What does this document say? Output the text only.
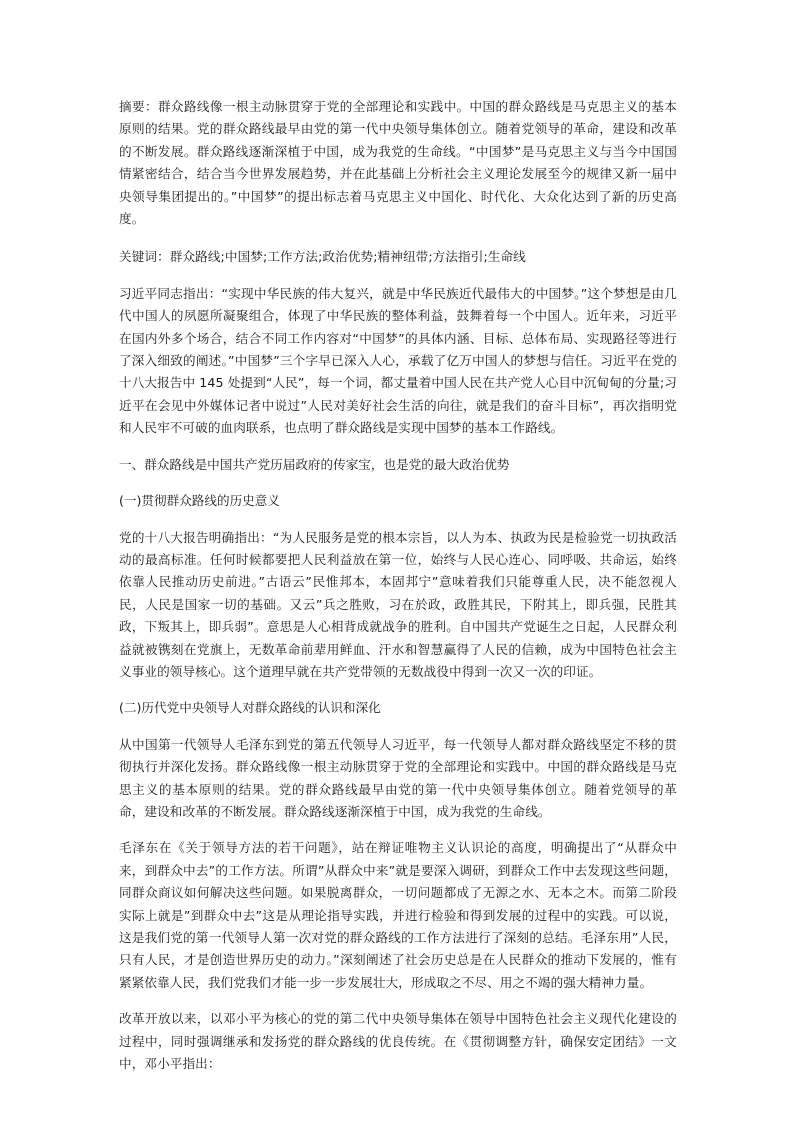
摘要：群众路线像一根主动脉贯穿于党的全部理论和实践中。中国的群众路线是马克思主义的基本原则的结果。党的群众路线最早由党的第一代中央领导集体创立。随着党领导的革命，建设和改革的不断发展。群众路线逐渐深植于中国，成为我党的生命线。“中国梦”是马克思主义与当今中国国情紧密结合，结合当今世界发展趋势，并在此基础上分析社会主义理论发展至今的规律又新一届中央领导集团提出的。”中国梦”的提出标志着马克思主义中国化、时代化、大众化达到了新的历史高度。

关键词：群众路线;中国梦;工作方法;政治优势;精神纽带;方法指引;生命线

习近平同志指出：“实现中华民族的伟大复兴，就是中华民族近代最伟大的中国梦。”这个梦想是由几代中国人的夙愿所凝聚组合，体现了中华民族的整体利益，鼓舞着每一个中国人。近年来，习近平在国内外多个场合，结合不同工作内容对“中国梦”的具体内涵、目标、总体布局、实现路径等进行了深入细致的阐述。”中国梦”三个字早已深入人心，承载了亿万中国人的梦想与信任。习近平在党的十八大报告中 145 处提到“人民”，每一个词，都丈量着中国人民在共产党人心目中沉甸甸的分量;习近平在会见中外媒体记者中说过”人民对美好社会生活的向往，就是我们的奋斗目标”，再次指明党和人民牢不可破的血肉联系，也点明了群众路线是实现中国梦的基本工作路线。

一、群众路线是中国共产党历届政府的传家宝，也是党的最大政治优势

(一)贯彻群众路线的历史意义

党的十八大报告明确指出：“为人民服务是党的根本宗旨，以人为本、执政为民是检验党一切执政活动的最高标准。任何时候都要把人民利益放在第一位，始终与人民心连心、同呼吸、共命运，始终依靠人民推动历史前进。”古语云”民惟邦本，本固邦宁”意味着我们只能尊重人民，决不能忽视人民，人民是国家一切的基础。又云”兵之胜败，习在於政，政胜其民，下附其上，即兵强，民胜其政，下叛其上，即兵弱”。意思是人心相背成就战争的胜利。自中国共产党诞生之日起，人民群众利益就被镌刻在党旗上，无数革命前辈用鲜血、汗水和智慧赢得了人民的信赖，成为中国特色社会主义事业的领导核心。这个道理早就在共产党带领的无数战役中得到一次又一次的印证。

(二)历代党中央领导人对群众路线的认识和深化

从中国第一代领导人毛泽东到党的第五代领导人习近平，每一代领导人都对群众路线坚定不移的贯彻执行并深化发扬。群众路线像一根主动脉贯穿于党的全部理论和实践中。中国的群众路线是马克思主义的基本原则的结果。党的群众路线最早由党的第一代中央领导集体创立。随着党领导的革命，建设和改革的不断发展。群众路线逐渐深植于中国，成为我党的生命线。

毛泽东在《关于领导方法的若干问题》，站在辩证唯物主义认识论的高度，明确提出了“从群众中来，到群众中去”的工作方法。所谓”从群众中来”就是要深入调研，到群众工作中去发现这些问题，同群众商议如何解决这些问题。如果脱离群众，一切问题都成了无源之水、无本之木。而第二阶段实际上就是”到群众中去”这是从理论指导实践，并进行检验和得到发展的过程中的实践。可以说，这是我们党的第一代领导人第一次对党的群众路线的工作方法进行了深刻的总结。毛泽东用”人民，只有人民，才是创造世界历史的动力。”深刻阐述了社会历史总是在人民群众的推动下发展的，惟有紧紧依靠人民，我们党我们才能一步一步发展壮大，形成取之不尽、用之不竭的强大精神力量。

改革开放以来，以邓小平为核心的党的第二代中央领导集体在领导中国特色社会主义现代化建设的过程中，同时强调继承和发扬党的群众路线的优良传统。在《贯彻调整方针，确保安定团结》一文中，邓小平指出：
